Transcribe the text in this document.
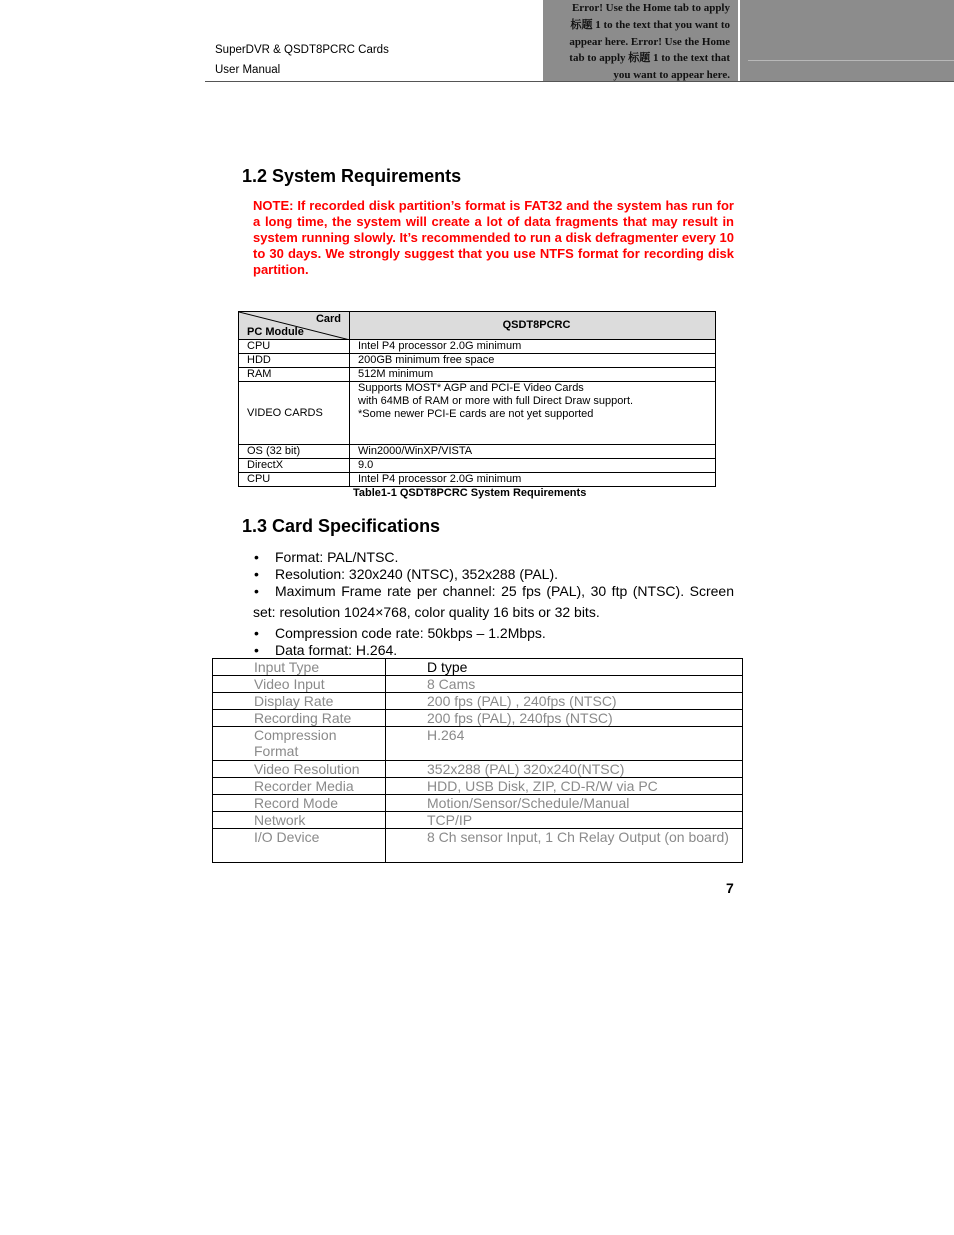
SuperDVR & QSDT8PCRC Cards
User Manual
Error! Use the Home tab to apply
标题 1 to the text that you want to
appear here. Error! Use the Home
tab to apply 标题 1 to the text that
you want to appear here.
1.2 System Requirements
NOTE: If recorded disk partition’s format is FAT32 and the system has run for a long time, the system will create a lot of data fragments that may result in system running slowly. It’s recommended to run a disk defragmenter every 10 to 30 days. We strongly suggest that you use NTFS format for recording disk partition.
Card
PC Module	QSDT8PCRC
CPU	Intel P4 processor 2.0G minimum
HDD	200GB minimum free space
RAM	512M minimum
VIDEO CARDS	Supports MOST* AGP and PCI-E Video Cards
with 64MB of RAM or more with full Direct Draw support.
*Some newer PCI-E cards are not yet supported

OS (32 bit)	Win2000/WinXP/VISTA
DirectX	9.0
CPU	Intel P4 processor 2.0G minimum
Table1-1 QSDT8PCRC System Requirements
1.3 Card Specifications
• Format: PAL/NTSC.
• Resolution: 320x240 (NTSC), 352x288 (PAL).
• Maximum Frame rate per channel: 25 fps (PAL), 30 ftp (NTSC). Screen
set: resolution 1024×768, color quality 16 bits or 32 bits.
• Compression code rate: 50kbps – 1.2Mbps.
• Data format: H.264.
Input Type	D type
Video Input	8 Cams
Display Rate	200 fps (PAL) , 240fps (NTSC)
Recording Rate	200 fps (PAL), 240fps (NTSC)

Compression
Format	H.264
Video Resolution	352x288 (PAL) 320x240(NTSC)
Recorder Media	HDD, USB Disk, ZIP, CD-R/W via PC
Record Mode	Motion/Sensor/Schedule/Manual
Network	TCP/IP
I/O Device	8 Ch sensor Input, 1 Ch Relay Output (on board)
7
